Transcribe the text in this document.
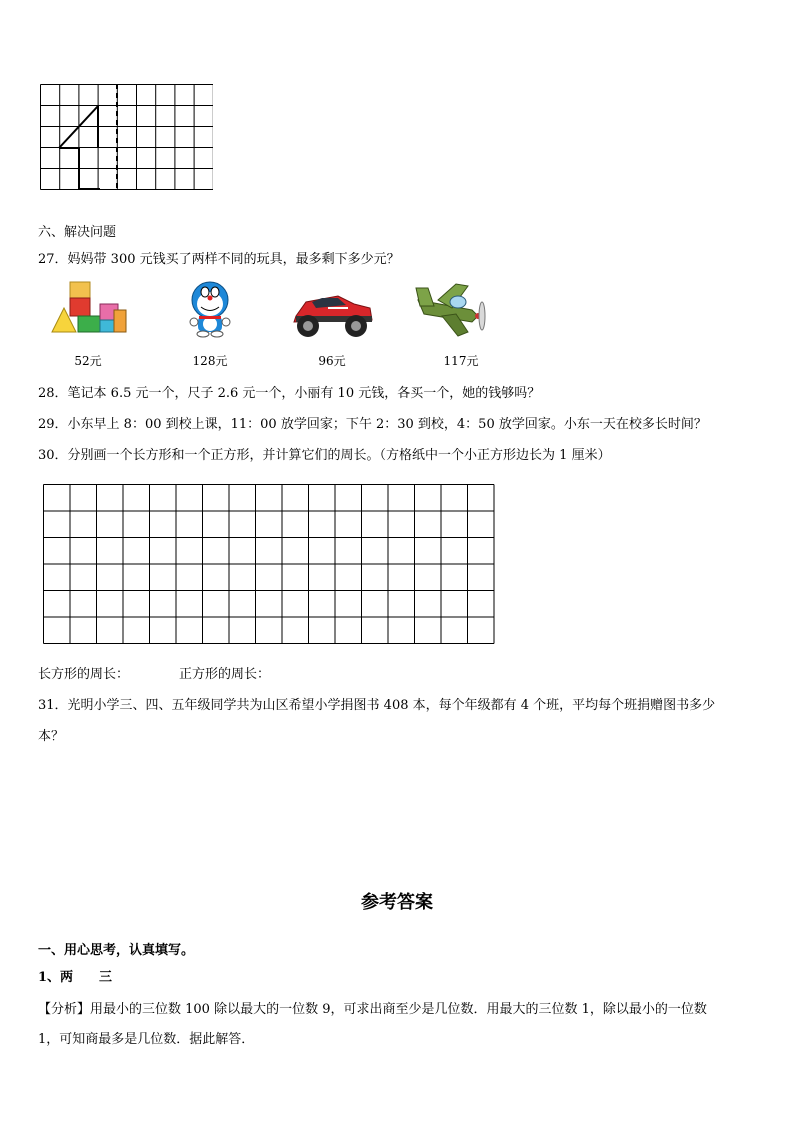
六、解决问题
27．妈妈带 300 元钱买了两样不同的玩具，最多剩下多少元？
52元	128元	96元	117元
28．笔记本 6.5 元一个，尺子 2.6 元一个，小丽有 10 元钱，各买一个，她的钱够吗？
29．小东早上 8：00 到校上课，11：00 放学回家；下午 2：30 到校，4：50 放学回家。小东一天在校多长时间？
30．分别画一个长方形和一个正方形，并计算它们的周长。（方格纸中一个小正方形边长为 1 厘米）
长方形的周长：	正方形的周长：
31．光明小学三、四、五年级同学共为山区希望小学捐图书 408 本，每个年级都有 4 个班，平均每个班捐赠图书多少
本？
参考答案
一、用心思考，认真填写。
1、两　　三
【分析】用最小的三位数 100 除以最大的一位数 9，可求出商至少是几位数．用最大的三位数 1，除以最小的一位数
1，可知商最多是几位数．据此解答．
